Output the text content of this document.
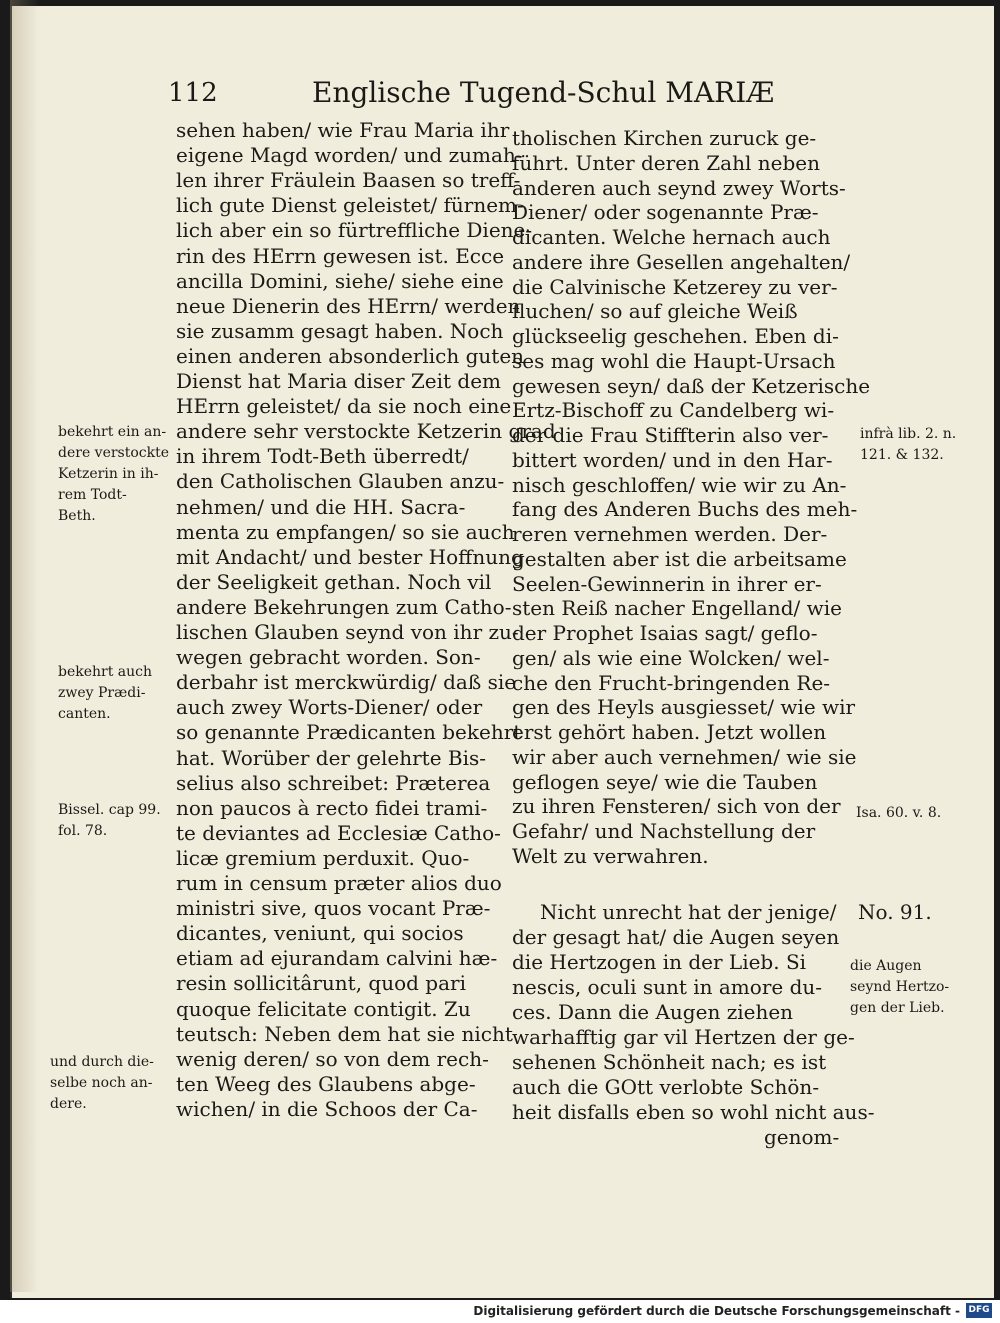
112	Englische Tugend-Schul MARIÆ
sehen haben/ wie Frau Maria ihr
eigene Magd worden/ und zumah-
len ihrer Fräulein Baasen so treff-
lich gute Dienst geleistet/ fürnem-
lich aber ein so fürtreffliche Diene-
rin des HErrn gewesen ist. Ecce
ancilla Domini, siehe/ siehe eine
neue Dienerin des HErrn/ werden
sie zusamm gesagt haben. Noch
einen anderen absonderlich guten
Dienst hat Maria diser Zeit dem
HErrn geleistet/ da sie noch eine
andere sehr verstockte Ketzerin grad
in ihrem Todt-Beth überredt/
den Catholischen Glauben anzu-
nehmen/ und die HH. Sacra-
menta zu empfangen/ so sie auch
mit Andacht/ und bester Hoffnung
der Seeligkeit gethan. Noch vil
andere Bekehrungen zum Catho-
lischen Glauben seynd von ihr zu-
wegen gebracht worden. Son-
derbahr ist merckwürdig/ daß sie
auch zwey Worts-Diener/ oder
so genannte Prædicanten bekehrt
hat. Worüber der gelehrte Bis-
selius also schreibet: Præterea
non paucos à recto fidei trami-
te deviantes ad Ecclesiæ Catho-
licæ gremium perduxit. Quo-
rum in censum præter alios duo
ministri sive, quos vocant Præ-
dicantes, veniunt, qui socios
etiam ad ejurandam calvini hæ-
resin sollicitârunt, quod pari
quoque felicitate contigit. Zu
teutsch: Neben dem hat sie nicht
wenig deren/ so von dem rech-
ten Weeg des Glaubens abge-
wichen/ in die Schoos der Ca-
tholischen Kirchen zuruck ge-
führt. Unter deren Zahl neben
anderen auch seynd zwey Worts-
Diener/ oder sogenannte Præ-
dicanten. Welche hernach auch
andere ihre Gesellen angehalten/
die Calvinische Ketzerey zu ver-
fluchen/ so auf gleiche Weiß
glückseelig geschehen. Eben di-
ses mag wohl die Haupt-Ursach
gewesen seyn/ daß der Ketzerische
Ertz-Bischoff zu Candelberg wi-
der die Frau Stiffterin also ver-
bittert worden/ und in den Har-
nisch geschloffen/ wie wir zu An-
fang des Anderen Buchs des meh-
reren vernehmen werden. Der-
gestalten aber ist die arbeitsame
Seelen-Gewinnerin in ihrer er-
sten Reiß nacher Engelland/ wie
der Prophet Isaias sagt/ geflo-
gen/ als wie eine Wolcken/ wel-
che den Frucht-bringenden Re-
gen des Heyls ausgiesset/ wie wir
erst gehört haben. Jetzt wollen
wir aber auch vernehmen/ wie sie
geflogen seye/ wie die Tauben
zu ihren Fensteren/ sich von der
Gefahr/ und Nachstellung der
Welt zu verwahren.
Nicht unrecht hat der jenige/
der gesagt hat/ die Augen seyen
die Hertzogen in der Lieb. Si
nescis, oculi sunt in amore du-
ces. Dann die Augen ziehen
warhafftig gar vil Hertzen der ge-
sehenen Schönheit nach; es ist
auch die GOtt verlobte Schön-
heit disfalls eben so wohl nicht aus-
genom-
bekehrt ein an-
dere verstockte
Ketzerin in ih-
rem Todt-
Beth.
bekehrt auch
zwey Prædi-
canten.
Bissel. cap 99.
fol. 78.
und durch die-
selbe noch an-
dere.
infrà lib. 2. n.
121. & 132.
Isa. 60. v. 8.
No. 91.
die Augen
seynd Hertzo-
gen der Lieb.
Digitalisierung gefördert durch die Deutsche Forschungsgemeinschaft - DFG
